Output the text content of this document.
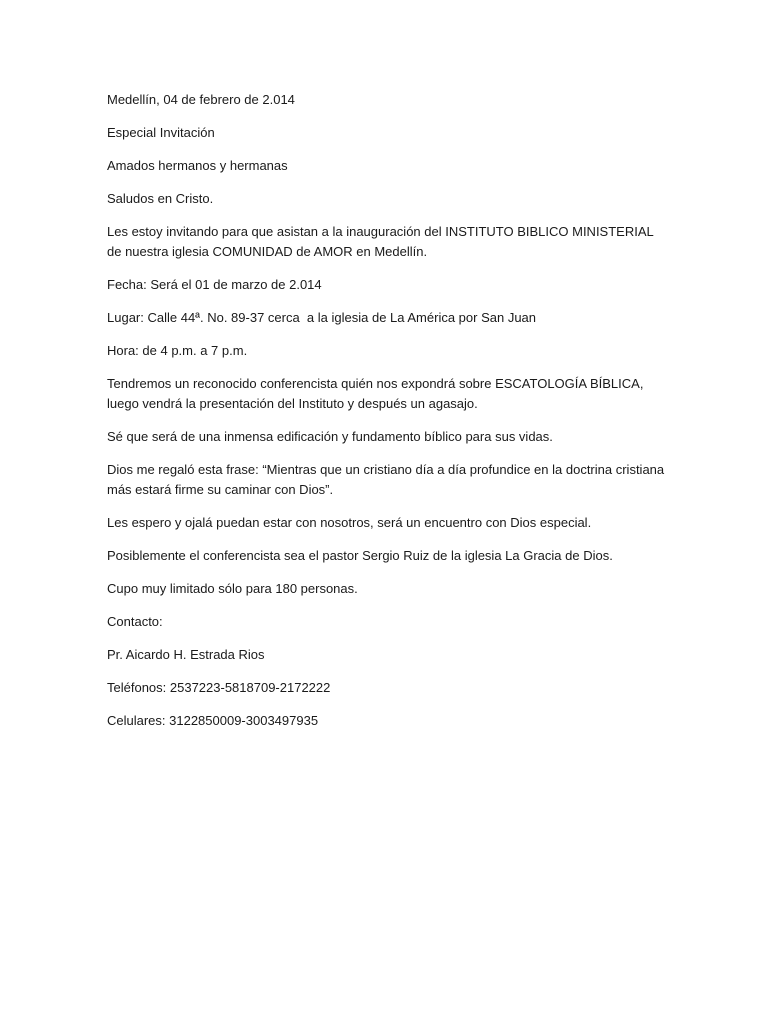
Medellín, 04 de febrero de 2.014

Especial Invitación

Amados hermanos y hermanas

Saludos en Cristo.

Les estoy invitando para que asistan a la inauguración del INSTITUTO BIBLICO MINISTERIAL de nuestra iglesia COMUNIDAD de AMOR en Medellín.

Fecha: Será el 01 de marzo de 2.014

Lugar: Calle 44ª. No. 89-37 cerca  a la iglesia de La América por San Juan

Hora: de 4 p.m. a 7 p.m.

Tendremos un reconocido conferencista quién nos expondrá sobre ESCATOLOGÍA BÍBLICA, luego vendrá la presentación del Instituto y después un agasajo.

Sé que será de una inmensa edificación y fundamento bíblico para sus vidas.

Dios me regaló esta frase: “Mientras que un cristiano día a día profundice en la doctrina cristiana más estará firme su caminar con Dios”.

Les espero y ojalá puedan estar con nosotros, será un encuentro con Dios especial.

Posiblemente el conferencista sea el pastor Sergio Ruiz de la iglesia La Gracia de Dios.

Cupo muy limitado sólo para 180 personas.

Contacto:

Pr. Aicardo H. Estrada Rios

Teléfonos: 2537223-5818709-2172222

Celulares: 3122850009-3003497935
